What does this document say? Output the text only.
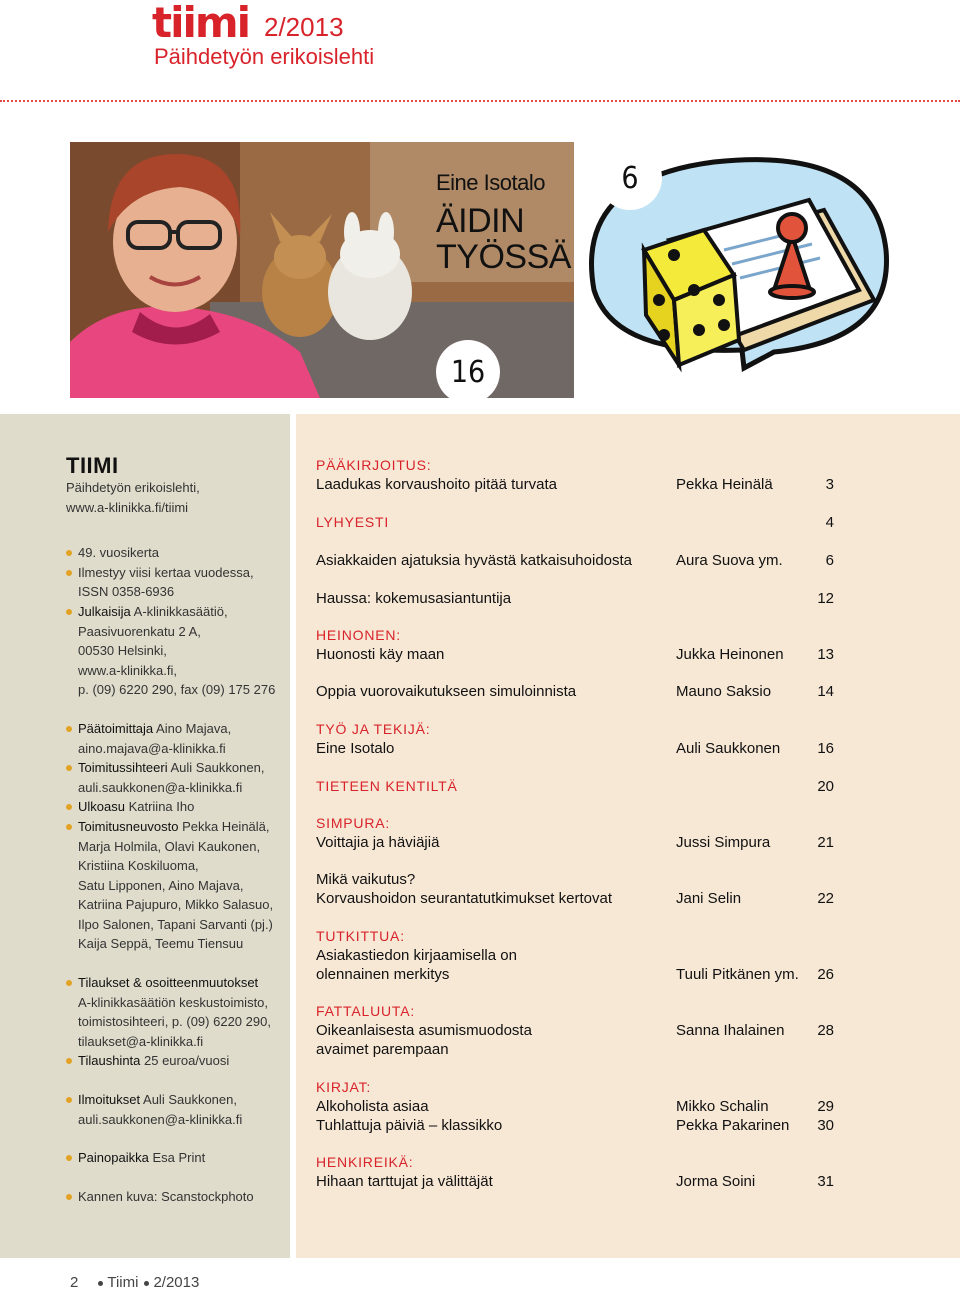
tiimi 2/2013
Päihdetyön erikoislehti
6
16
Eine Isotalo
ÄIDIN
TYÖSSÄ
TIIMI
Päihdetyön erikoislehti,
www.a-klinikka.fi/tiimi
49. vuosikerta
Ilmestyy viisi kertaa vuodessa,
ISSN 0358-6936
Julkaisija A-klinikkasäätiö,
Paasivuorenkatu 2 A,
00530 Helsinki,
www.a-klinikka.fi,
p. (09) 6220 290, fax (09) 175 276
Päätoimittaja Aino Majava,
aino.majava@a-klinikka.fi
Toimitussihteeri Auli Saukkonen,
auli.saukkonen@a-klinikka.fi
Ulkoasu Katriina Iho
Toimitusneuvosto Pekka Heinälä,
Marja Holmila, Olavi Kaukonen,
Kristiina Koskiluoma,
Satu Lipponen, Aino Majava,
Katriina Pajupuro, Mikko Salasuo,
Ilpo Salonen, Tapani Sarvanti (pj.)
Kaija Seppä, Teemu Tiensuu
Tilaukset & osoitteenmuutokset
A-klinikkasäätiön keskustoimisto,
toimistosihteeri, p. (09) 6220 290,
tilaukset@a-klinikka.fi
Tilaushinta 25 euroa/vuosi
Ilmoitukset Auli Saukkonen,
auli.saukkonen@a-klinikka.fi
Painopaikka Esa Print
Kannen kuva: Scanstockphoto
PÄÄKIRJOITUS:
Laadukas korvaushoito pitää turvata	Pekka Heinälä	3
LYHYESTI	4
Asiakkaiden ajatuksia hyvästä katkaisuhoidosta	Aura Suova ym.	6
Haussa: kokemusasiantuntija	12
HEINONEN:
Huonosti käy maan	Jukka Heinonen	13
Oppia vuorovaikutukseen simuloinnista	Mauno Saksio	14
TYÖ JA TEKIJÄ:
Eine Isotalo	Auli Saukkonen	16
TIETEEN KENTILTÄ	20
SIMPURA:
Voittajia ja häviäjiä	Jussi Simpura	21
Mikä vaikutus?
Korvaushoidon seurantatutkimukset kertovat	Jani Selin	22
TUTKITTUA:
Asiakastiedon kirjaamisella on
olennainen merkitys	Tuuli Pitkänen ym.	26
FATTALUUTA:
Oikeanlaisesta asumismuodosta
avaimet parempaan
Sanna Ihalainen	28
KIRJAT:
Alkoholista asiaa	Mikko Schalin	29
Tuhlattuja päiviä – klassikko	Pekka Pakarinen	30
HENKIREIKÄ:
Hihaan tarttujat ja välittäjät	Jorma Soini	31
2 Tiimi 2/2013
